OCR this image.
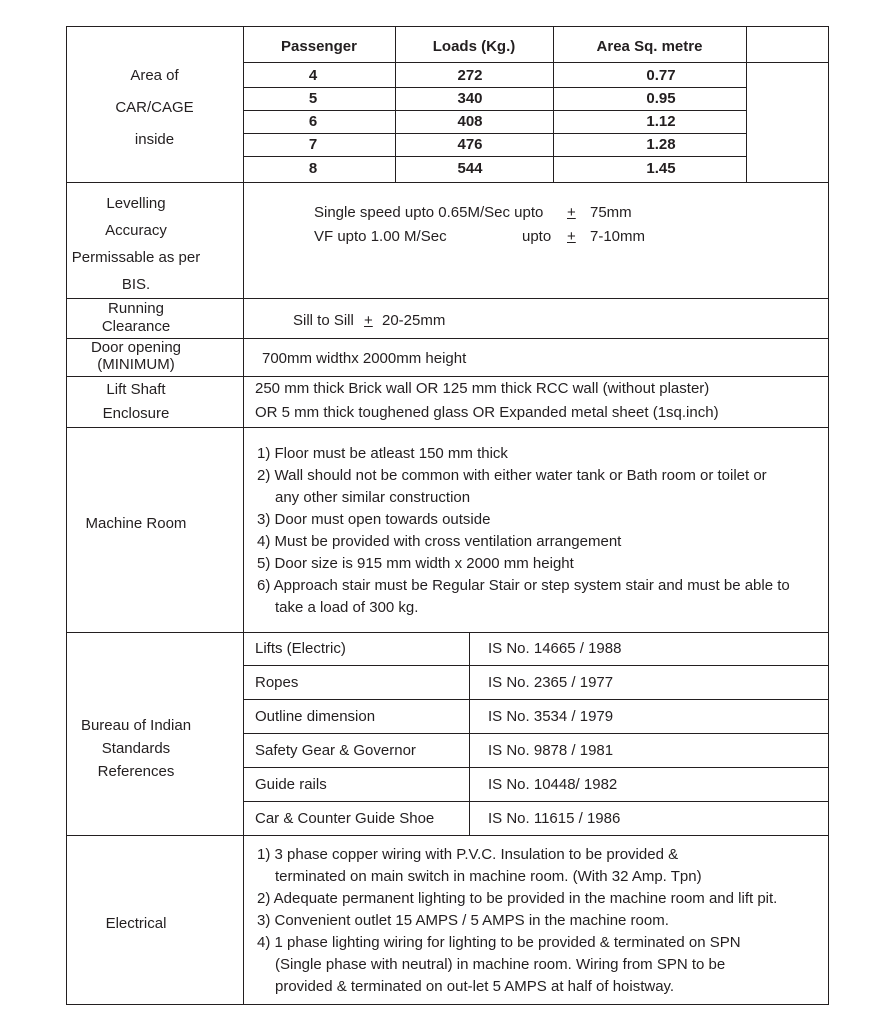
Area of
CAR/CAGE
inside
Passenger	Loads (Kg.)	Area Sq. metre
4	272	0.77
5	340	0.95
6	408	1.12
7	476	1.28
8	544	1.45
Levelling
Accuracy
Permissable as per
BIS.
Single speed upto 0.65M/Sec upto + 75mm
VF upto 1.00 M/Sec	upto + 7-10mm
Running
Clearance	Sill to Sill + 20-25mm
Door opening
(MINIMUM)	700mm widthx 2000mm height
Lift Shaft
Enclosure
250 mm thick Brick wall OR 125 mm thick RCC wall (without plaster)
OR 5 mm thick toughened glass OR Expanded metal sheet (1sq.inch)
Machine Room
1) Floor must be atleast 150 mm thick
2) Wall should not be common with either water tank or Bath room or toilet or
any other similar construction
3) Door must open towards outside
4) Must be provided with cross ventilation arrangement
5) Door size is 915 mm width x 2000 mm height
6) Approach stair must be Regular Stair or step system stair and must be able to
take a load of 300 kg.
Bureau of Indian
Standards
References
Lifts (Electric)	IS No. 14665 / 1988
Ropes	IS No. 2365 / 1977
Outline dimension	IS No. 3534 / 1979
Safety Gear & Governor	IS No. 9878 / 1981
Guide rails	IS No. 10448/ 1982
Car & Counter Guide Shoe	IS No. 11615 / 1986
Electrical
1) 3 phase copper wiring with P.V.C. Insulation to be provided &
terminated on main switch in machine room. (With 32 Amp. Tpn)
2) Adequate permanent lighting to be provided in the machine room and lift pit.
3) Convenient outlet 15 AMPS / 5 AMPS in the machine room.
4) 1 phase lighting wiring for lighting to be provided & terminated on SPN
(Single phase with neutral) in machine room. Wiring from SPN to be
provided & terminated on out-let 5 AMPS at half of hoistway.
